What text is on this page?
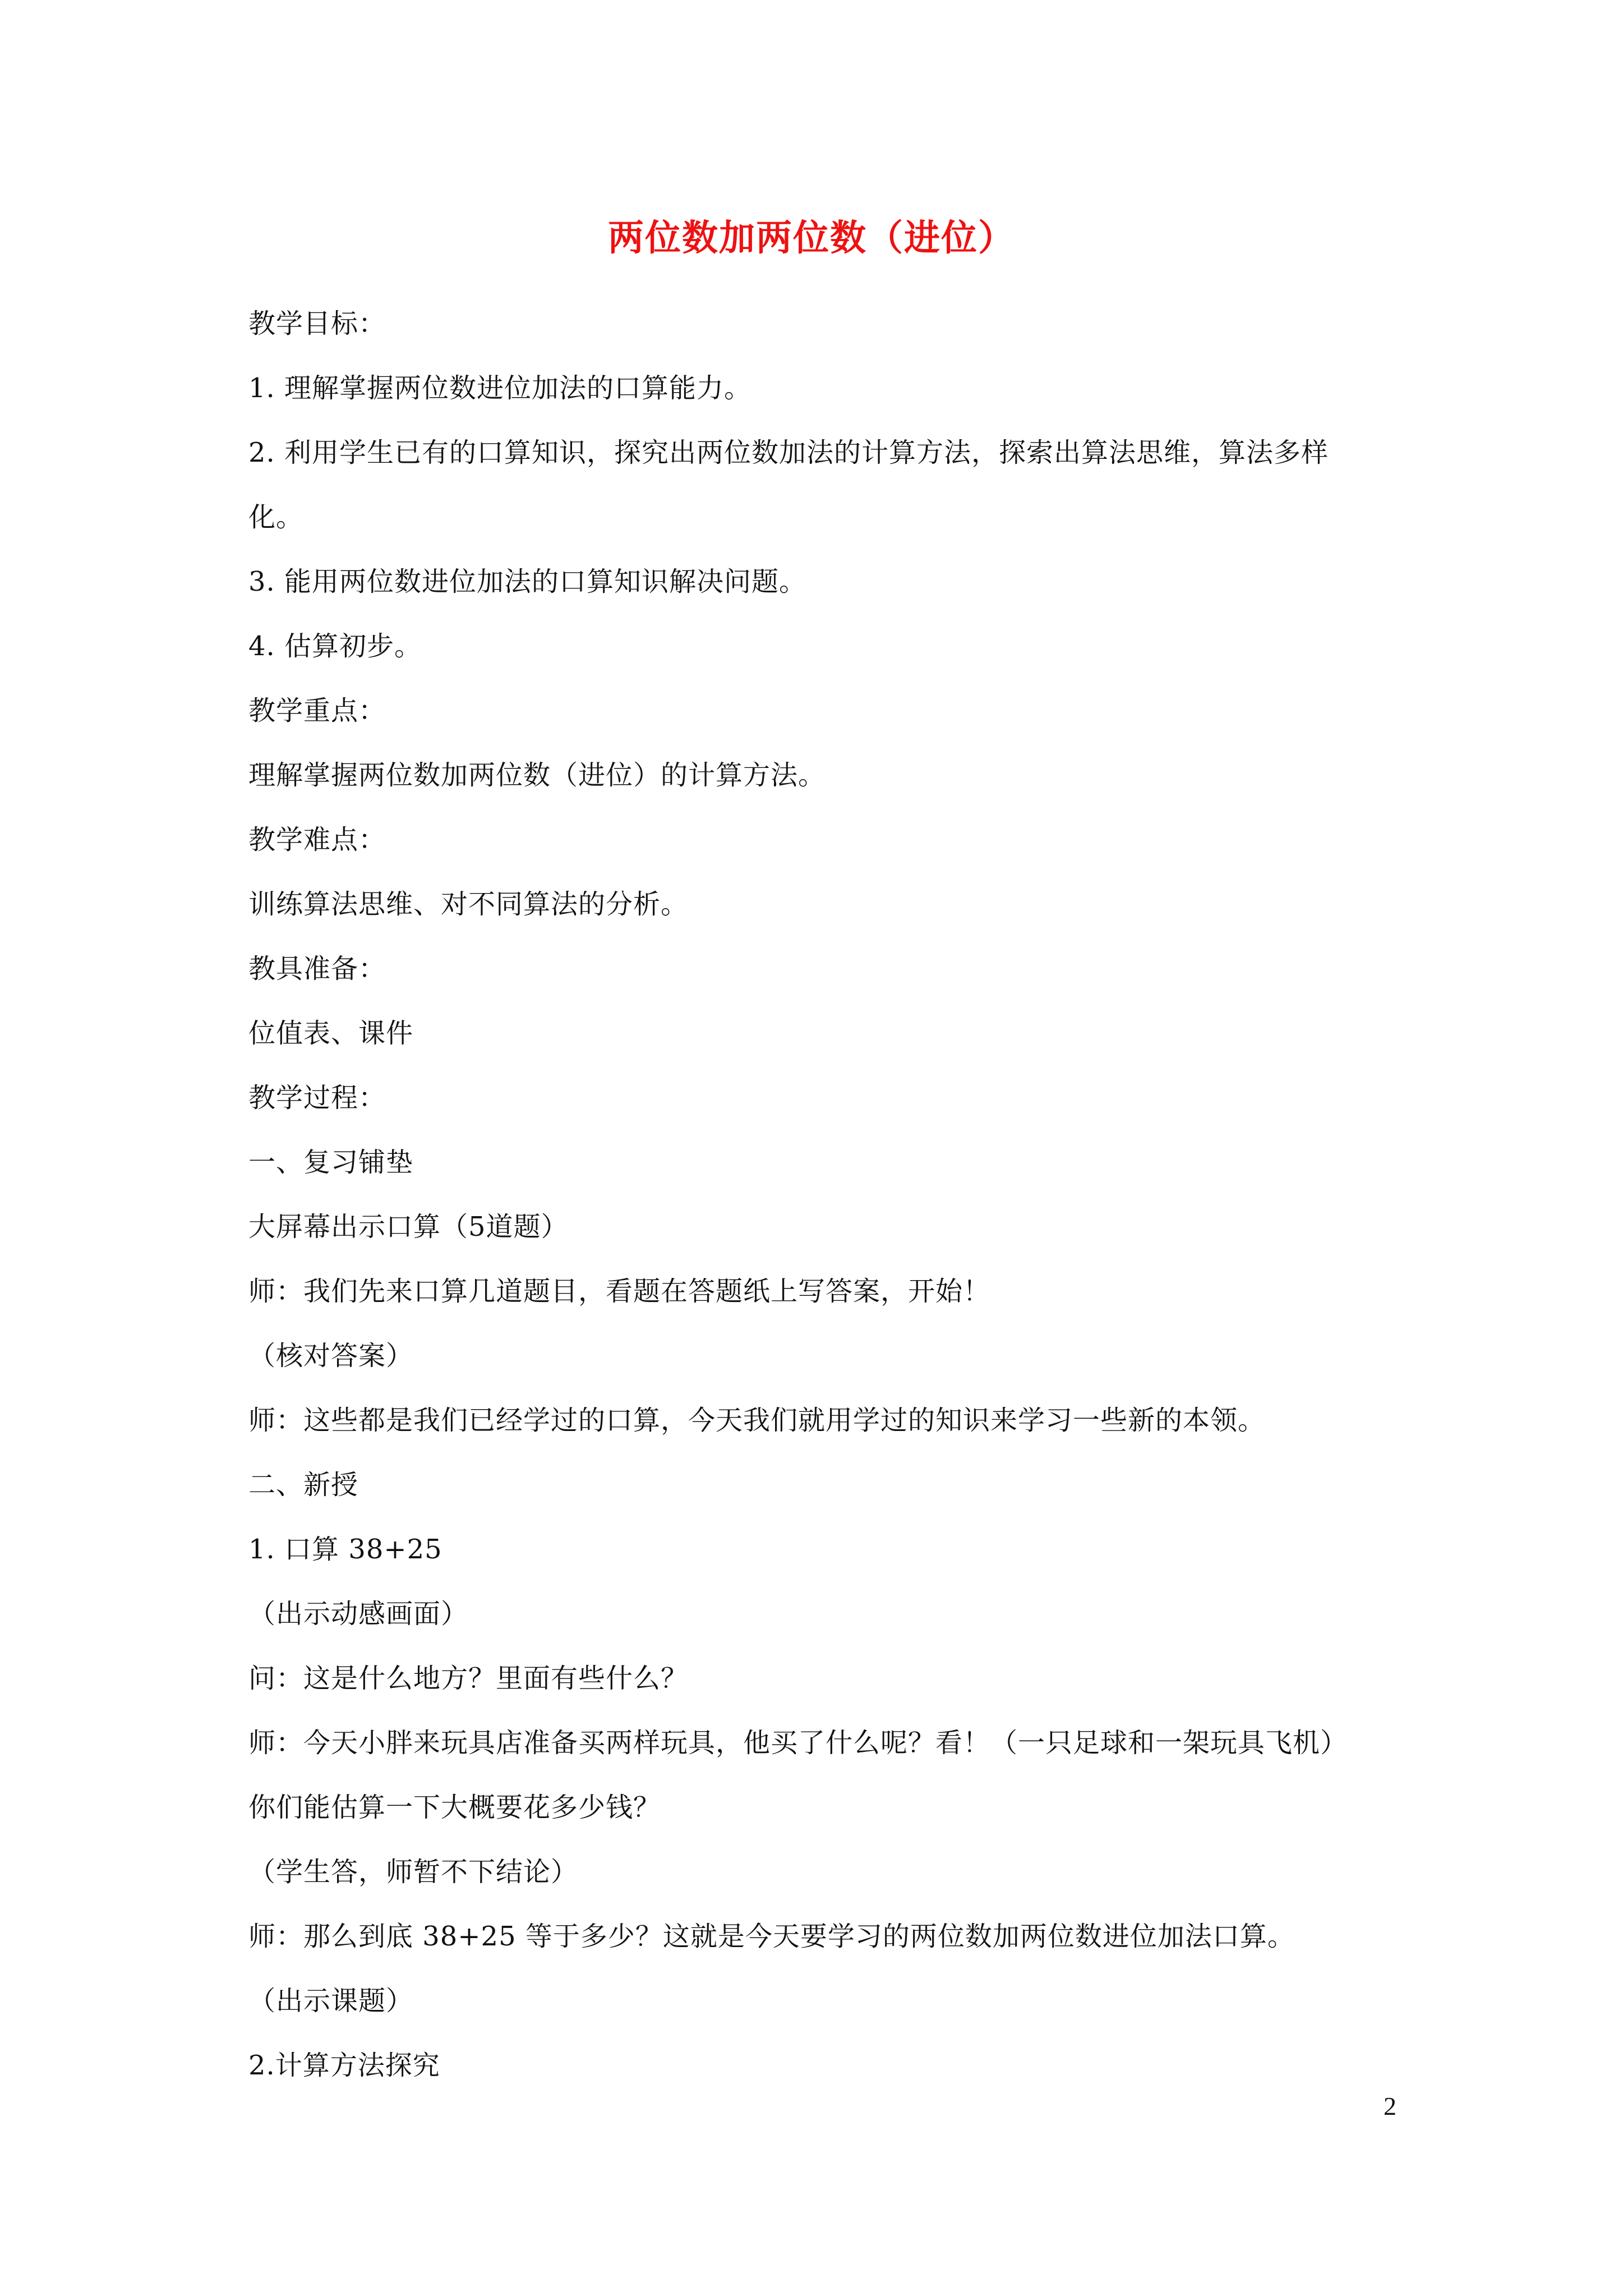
两位数加两位数（进位）
教学目标：
1. 理解掌握两位数进位加法的口算能力。
2. 利用学生已有的口算知识，探究出两位数加法的计算方法，探索出算法思维，算法多样
化。
3. 能用两位数进位加法的口算知识解决问题。
4. 估算初步。
教学重点：
理解掌握两位数加两位数（进位）的计算方法。
教学难点：
训练算法思维、对不同算法的分析。
教具准备：
位值表、课件
教学过程：
一、复习铺垫
大屏幕出示口算（5道题）
师：我们先来口算几道题目，看题在答题纸上写答案，开始！
（核对答案）
师：这些都是我们已经学过的口算，今天我们就用学过的知识来学习一些新的本领。
二、新授
1. 口算 38+25
（出示动感画面）
问：这是什么地方？里面有些什么？
师：今天小胖来玩具店准备买两样玩具，他买了什么呢？看！（一只足球和一架玩具飞机）
你们能估算一下大概要花多少钱？
（学生答，师暂不下结论）
师：那么到底 38+25 等于多少？这就是今天要学习的两位数加两位数进位加法口算。
（出示课题）
2.计算方法探究
2
